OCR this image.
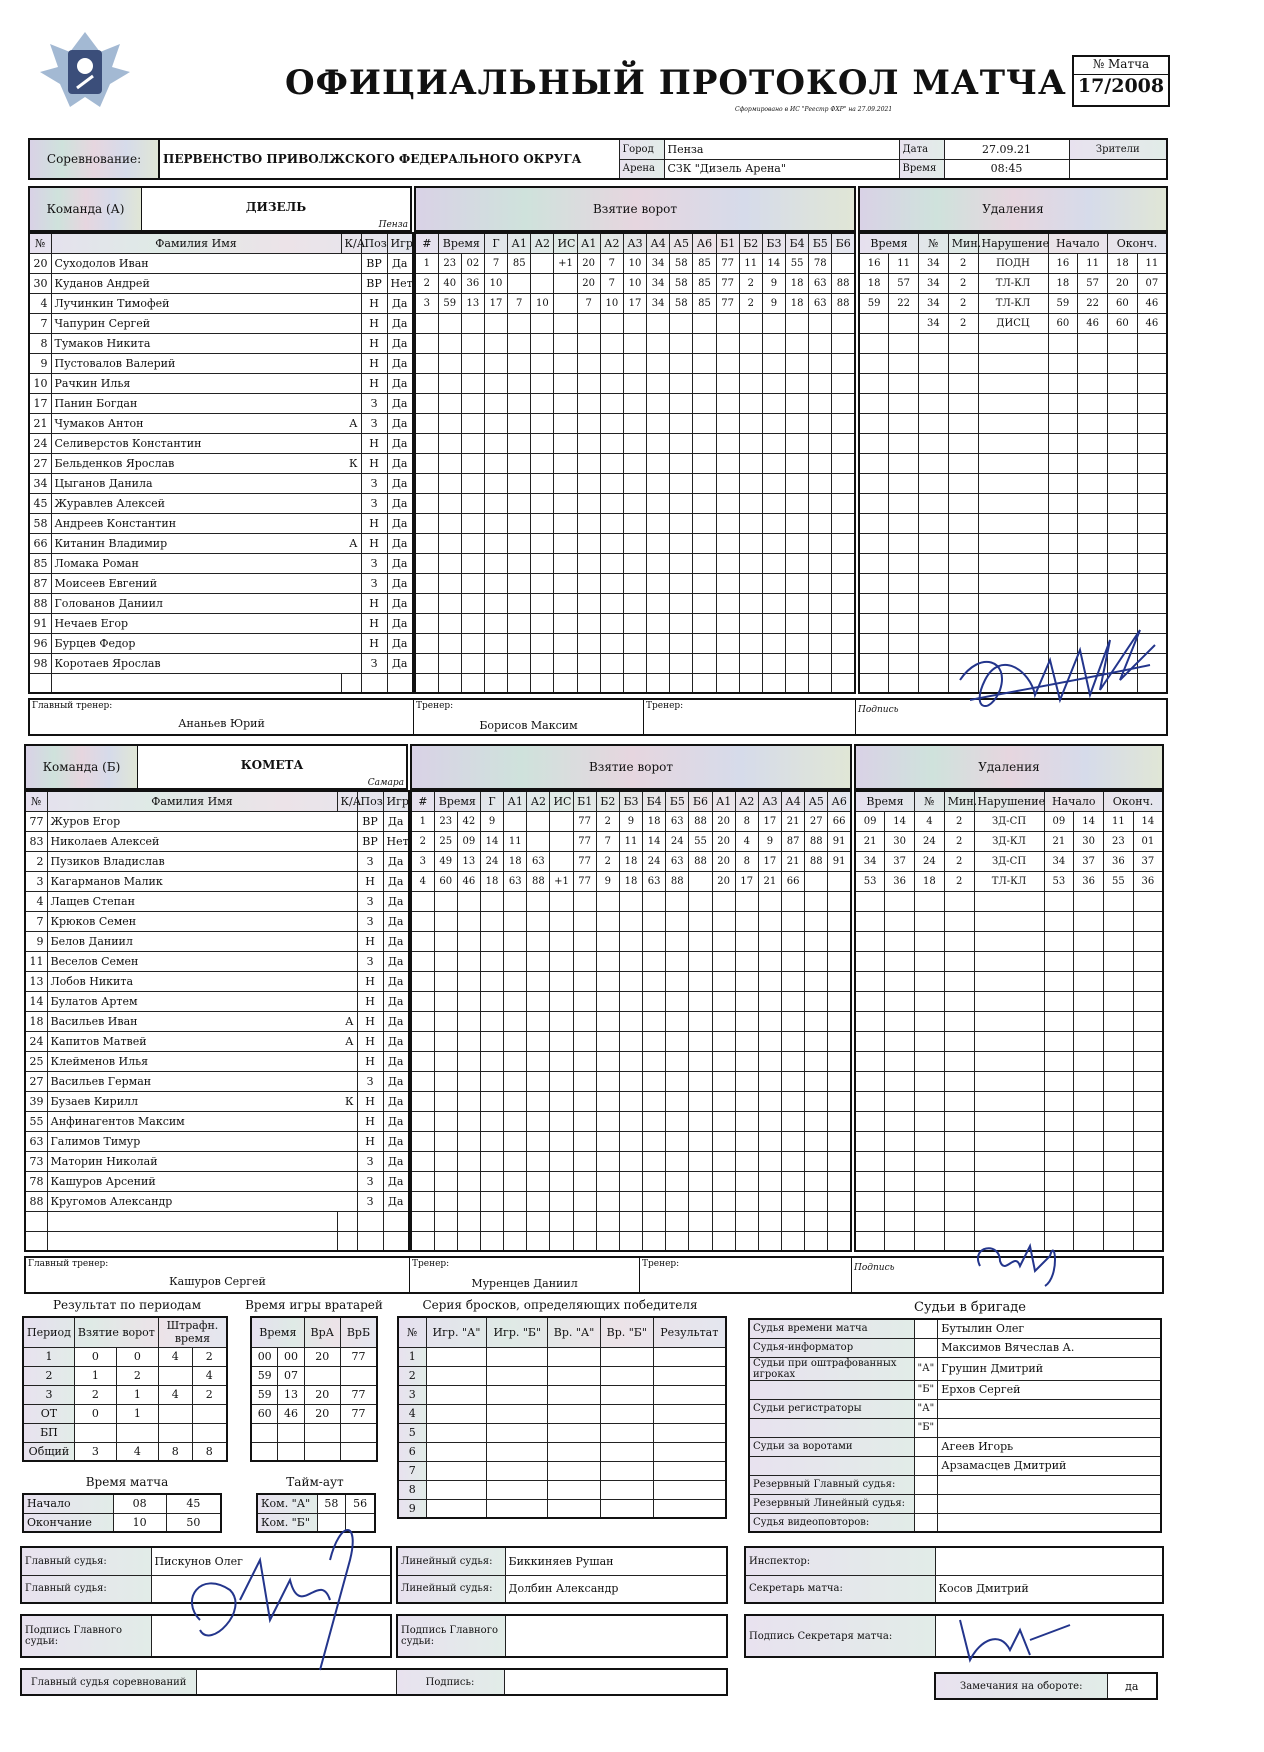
ОФИЦИАЛЬНЫЙ ПРОТОКОЛ МАТЧА
Сформировано в ИС "Реестр ФХР" на 27.09.2021
№ Матча
17/2008
Соревнование:	ПЕРВЕНСТВО ПРИВОЛЖСКОГО ФЕДЕРАЛЬНОГО ОКРУГА	Город	Пенза	Дата	27.09.21	Зрители
		Арена	СЗК "Дизель Арена"	Время	08:45	
Команда (А)	ДИЗЕЛЬ
Пенза
Взятие ворот	Удаления
№	Фамилия Имя	К/А	Поз	Игр
20	Суходолов Иван		ВР	Да
30	Куданов Андрей		ВР	Нет
4	Лучинкин Тимофей		Н	Да
7	Чапурин Сергей		Н	Да
8	Тумаков Никита		Н	Да
9	Пустовалов Валерий		Н	Да
10	Рачкин Илья		Н	Да
17	Панин Богдан		З	Да
21	Чумаков Антон	А	З	Да
24	Селиверстов Константин		Н	Да
27	Бельденков Ярослав	К	Н	Да
34	Цыганов Данила		З	Да
45	Журавлев Алексей		З	Да
58	Андреев Константин		Н	Да
66	Китанин Владимир	А	Н	Да
85	Ломака Роман		З	Да
87	Моисеев Евгений		З	Да
88	Голованов Даниил		Н	Да
91	Нечаев Егор		Н	Да
96	Бурцев Федор		Н	Да
98	Коротаев Ярослав		З	Да

#	Время		Г	А1	А2	ИС	А1	А2	А3	А4	А5	А6	Б1	Б2	Б3	Б4	Б5	Б6
1	23	02	7	85		+1	20	7	10	34	58	85	77	11	14	55	78	
2	40	36	10				20	7	10	34	58	85	77	2	9	18	63	88
3	59	13	17	7	10		7	10	17	34	58	85	77	2	9	18	63	88

Время		№	Мин.	Нарушение	Начало		Оконч.	
16	11	34	2	ПОДН	16	11	18	11
18	57	34	2	ТЛ-КЛ	18	57	20	07
59	22	34	2	ТЛ-КЛ	59	22	60	46
		34	2	ДИСЦ	60	46	60	46

Главный тренер:
Ананьев Юрий
Тренер:
Борисов Максим
Тренер:	Подпись
Команда (Б)	КОМЕТА
Самара
Взятие ворот	Удаления
№	Фамилия Имя	К/А	Поз	Игр
77	Журов Егор		ВР	Да
83	Николаев Алексей		ВР	Нет
2	Пузиков Владислав		З	Да
3	Кагарманов Малик		Н	Да
4	Лащев Степан		З	Да
7	Крюков Семен		З	Да
9	Белов Даниил		Н	Да
11	Веселов Семен		З	Да
13	Лобов Никита		Н	Да
14	Булатов Артем		Н	Да
18	Васильев Иван	А	Н	Да
24	Капитов Матвей	А	Н	Да
25	Клейменов Илья		Н	Да
27	Васильев Герман		З	Да
39	Бузаев Кирилл	К	Н	Да
55	Анфинагентов Максим		Н	Да
63	Галимов Тимур		Н	Да
73	Маторин Николай		З	Да
78	Кашуров Арсений		З	Да
88	Кругомов Александр		З	Да

#	Время		Г	А1	А2	ИС	Б1	Б2	Б3	Б4	Б5	Б6	А1	А2	А3	А4	А5	А6
1	23	42	9				77	2	9	18	63	88	20	8	17	21	27	66
2	25	09	14	11			77	7	11	14	24	55	20	4	9	87	88	91
3	49	13	24	18	63		77	2	18	24	63	88	20	8	17	21	88	91
4	60	46	18	63	88	+1	77	9	18	63	88		20	17	21	66		

Время		№	Мин.	Нарушение	Начало		Оконч.	
09	14	4	2	ЗД-СП	09	14	11	14
21	30	24	2	ЗД-КЛ	21	30	23	01
34	37	24	2	ЗД-СП	34	37	36	37
53	36	18	2	ТЛ-КЛ	53	36	55	36

Главный тренер:
Кашуров Сергей
Тренер:
Муренцев Даниил
Тренер:	Подпись
Результат по периодам
Период	Взятие ворот		Штрафн. время	
1	0	0	4	2
2	1	2		4
3	2	1	4	2
ОТ	0	1		
БП				
Общий	3	4	8	8
Время игры вратарей
Время		ВрА	ВрБ
00	00	20	77
59	07		
59	13	20	77
60	46	20	77

Серия бросков, определяющих победителя
№	Игр. "А"	Игр. "Б"	Вр. "А"	Вр. "Б"	Результат
1					
2					
3					
4					
5					
6					
7					
8					
9					
Время матча
Начало	08	45
Окончание	10	50
Тайм-аут
Ком. "А"	58	56
Ком. "Б"		
Судьи в бригаде
Судья времени матча		Бутылин Олег
Судья-информатор		Максимов Вячеслав А.
Судьи при оштрафованных игроках	"А"	Грушин Дмитрий
	"Б"	Ерхов Сергей
Судьи регистраторы	"А"	
	"Б"	
Судьи за воротами		Агеев Игорь
		Арзамасцев Дмитрий
Резервный Главный судья:		
Резервный Линейный судья:		
Судья видеоповторов:		
Главный судья:	Пискунов Олег
Главный судья:	
Линейный судья:	Биккиняев Рушан
Линейный судья:	Долбин Александр
Инспектор:	
Секретарь матча:	Косов Дмитрий
Подпись Главного судьи:	
Подпись Главного судьи:		Подпись Секретаря матча:	
Главный судья соревнований		Подпись:		Замечания на обороте:	да
